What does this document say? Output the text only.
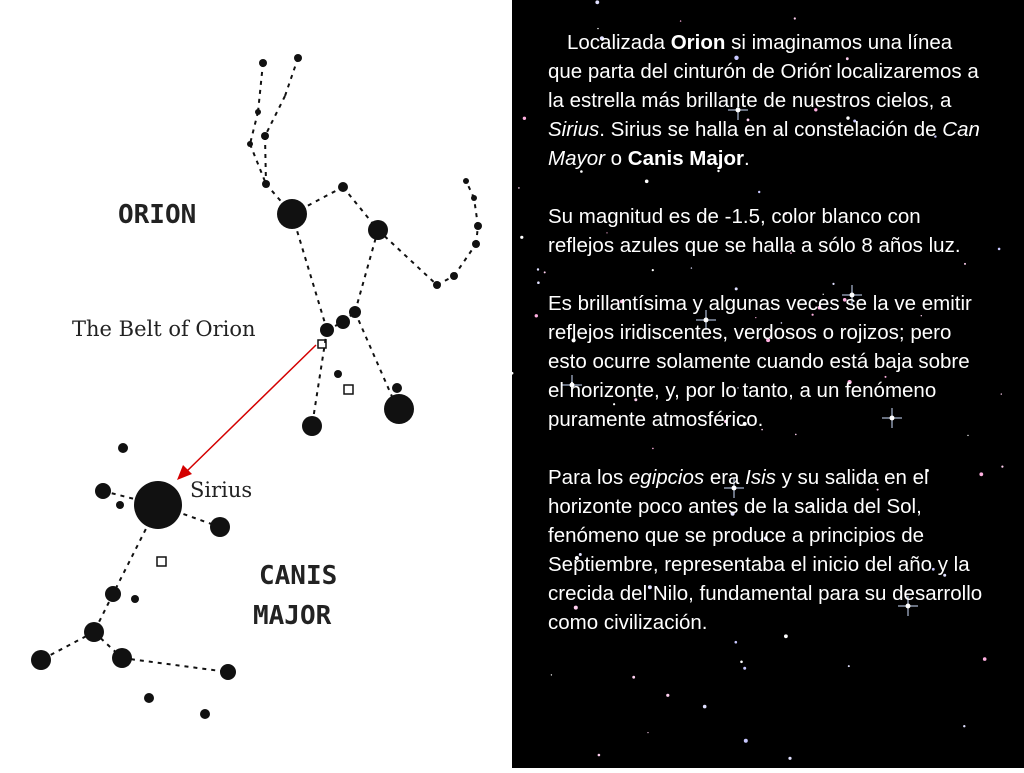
ORION
The Belt of Orion
Sirius
CANIS
MAJOR

Localizada Orion si imaginamos una línea que parta del cinturón de Orión localizaremos a la estrella más brillante de nuestros cielos, a Sirius. Sirius se halla en al constelación de Can Mayor o Canis Major.

Su magnitud es de -1.5, color blanco con reflejos azules que se halla a sólo 8 años luz.

Es brillantísima y algunas veces se la ve emitir reflejos iridiscentes, verdosos o rojizos; pero esto ocurre solamente cuando está baja sobre el horizonte, y, por lo tanto, a un fenómeno puramente atmosférico.

Para los egipcios era Isis y su salida en el horizonte poco antes de la salida del Sol, fenómeno que se produce a principios de Septiembre, representaba el inicio del año y la crecida del Nilo, fundamental para su desarrollo como civilización.
